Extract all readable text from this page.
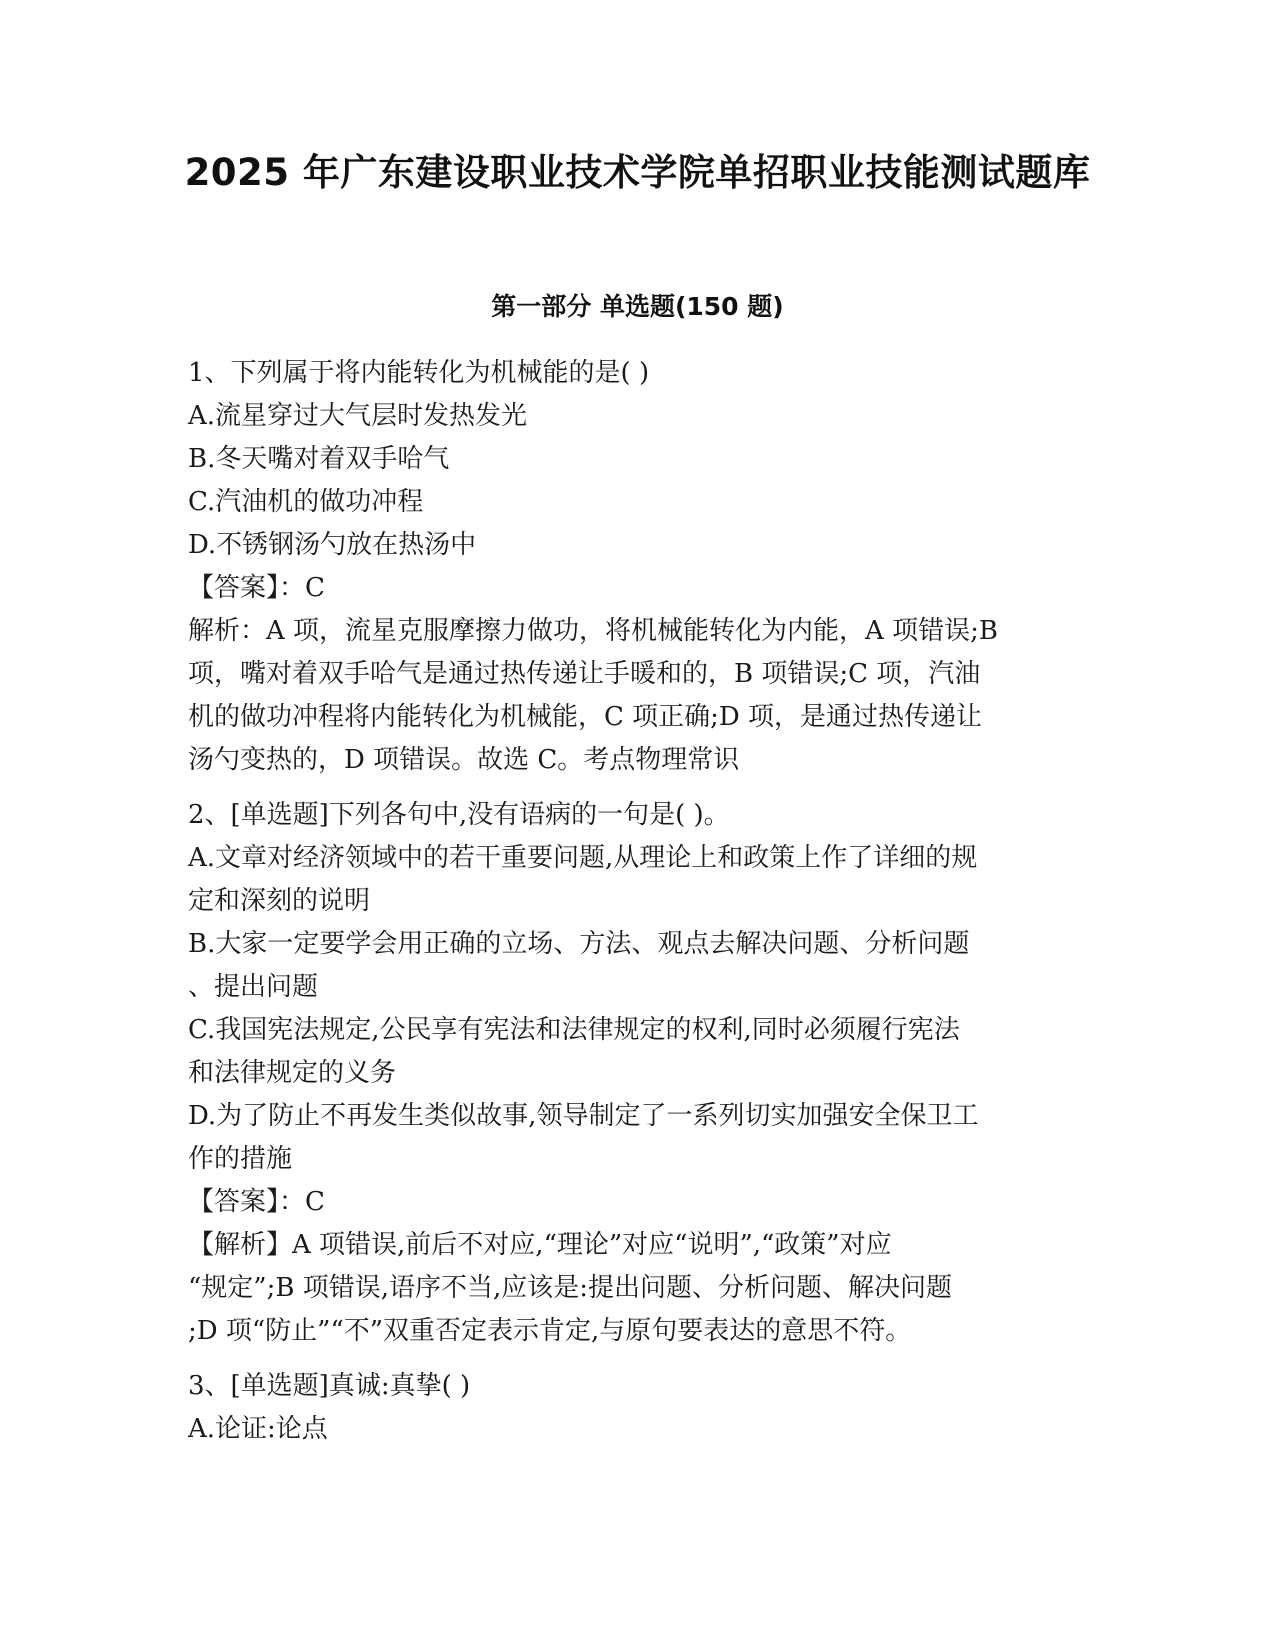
2025 年广东建设职业技术学院单招职业技能测试题库
第一部分 单选题(150 题)
1、下列属于将内能转化为机械能的是( )
A.流星穿过大气层时发热发光
B.冬天嘴对着双手哈气
C.汽油机的做功冲程
D.不锈钢汤勺放在热汤中
【答案】：C
解析：A 项，流星克服摩擦力做功，将机械能转化为内能，A 项错误;B
项，嘴对着双手哈气是通过热传递让手暖和的，B 项错误;C 项，汽油
机的做功冲程将内能转化为机械能，C 项正确;D 项，是通过热传递让
汤勺变热的，D 项错误。故选 C。考点物理常识
2、[单选题]下列各句中,没有语病的一句是( )。
A.文章对经济领域中的若干重要问题,从理论上和政策上作了详细的规
定和深刻的说明
B.大家一定要学会用正确的立场、方法、观点去解决问题、分析问题
、提出问题
C.我国宪法规定,公民享有宪法和法律规定的权利,同时必须履行宪法
和法律规定的义务
D.为了防止不再发生类似故事,领导制定了一系列切实加强安全保卫工
作的措施
【答案】：C
【解析】A 项错误,前后不对应,“理论”对应“说明”,“政策”对应
“规定”;B 项错误,语序不当,应该是:提出问题、分析问题、解决问题
;D 项“防止”“不”双重否定表示肯定,与原句要表达的意思不符。
3、[单选题]真诚:真挚( )
A.论证:论点
